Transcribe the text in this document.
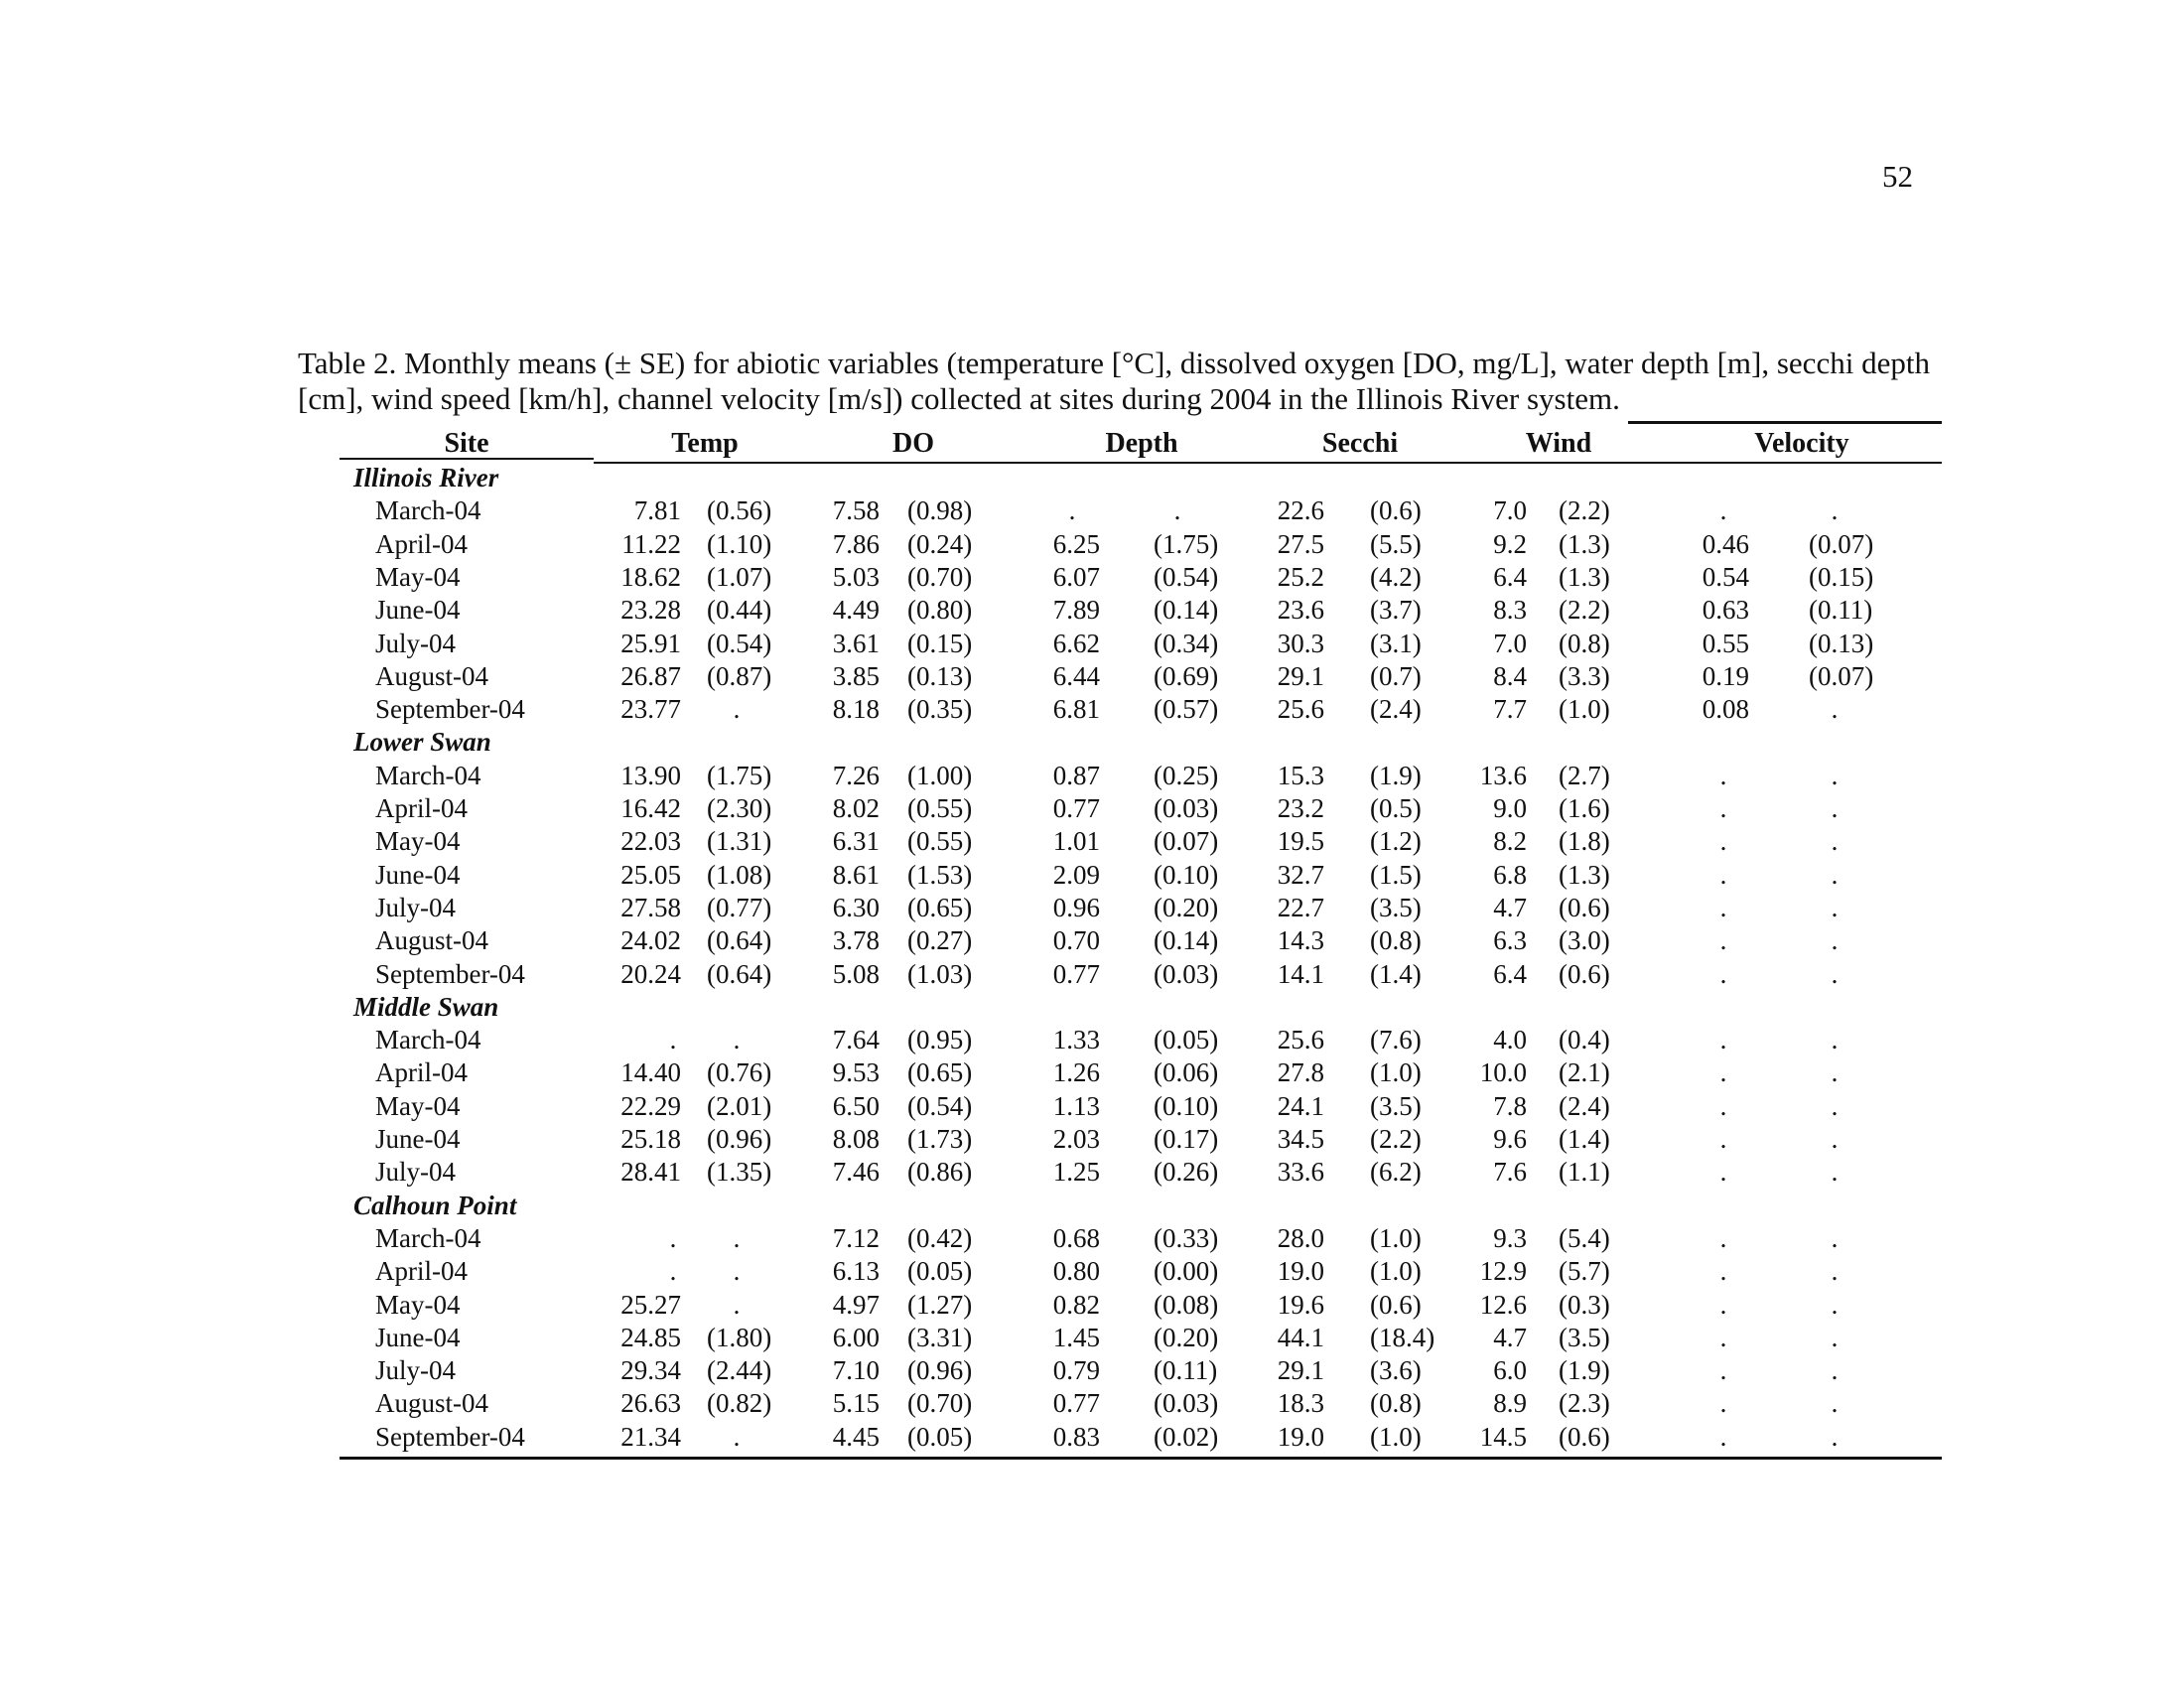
52
Table 2. Monthly means (± SE) for abiotic variables (temperature [°C], dissolved oxygen [DO, mg/L], water depth [m], secchi depth [cm], wind speed [km/h], channel velocity [m/s]) collected at sites during 2004 in the Illinois River system.
Site	Temp	DO	Depth	Secchi	Wind	Velocity
Illinois River
March-04	7.81 (0.56)	7.58 (0.98)	.	.	22.6 (0.6)	7.0 (2.2)	.	.
April-04	11.22 (1.10)	7.86 (0.24)	6.25 (1.75)	27.5 (5.5)	9.2 (1.3)	0.46 (0.07)
May-04	18.62 (1.07)	5.03 (0.70)	6.07 (0.54)	25.2 (4.2)	6.4 (1.3)	0.54 (0.15)
June-04	23.28 (0.44)	4.49 (0.80)	7.89 (0.14)	23.6 (3.7)	8.3 (2.2)	0.63 (0.11)
July-04	25.91 (0.54)	3.61 (0.15)	6.62 (0.34)	30.3 (3.1)	7.0 (0.8)	0.55 (0.13)
August-04	26.87 (0.87)	3.85 (0.13)	6.44 (0.69)	29.1 (0.7)	8.4 (3.3)	0.19 (0.07)
September-04	23.77 .	8.18 (0.35)	6.81 (0.57)	25.6 (2.4)	7.7 (1.0)	0.08	.
Lower Swan
March-04	13.90 (1.75)	7.26 (1.00)	0.87 (0.25)	15.3 (1.9)	13.6 (2.7)	.	.
April-04	16.42 (2.30)	8.02 (0.55)	0.77 (0.03)	23.2 (0.5)	9.0 (1.6)	.	.
May-04	22.03 (1.31)	6.31 (0.55)	1.01 (0.07)	19.5 (1.2)	8.2 (1.8)	.	.
June-04	25.05 (1.08)	8.61 (1.53)	2.09 (0.10)	32.7 (1.5)	6.8 (1.3)	.	.
July-04	27.58 (0.77)	6.30 (0.65)	0.96 (0.20)	22.7 (3.5)	4.7 (0.6)	.	.
August-04	24.02 (0.64)	3.78 (0.27)	0.70 (0.14)	14.3 (0.8)	6.3 (3.0)	.	.
September-04	20.24 (0.64)	5.08 (1.03)	0.77 (0.03)	14.1 (1.4)	6.4 (0.6)	.	.
Middle Swan
March-04	. .	7.64 (0.95)	1.33 (0.05)	25.6 (7.6)	4.0 (0.4)	.	.
April-04	14.40 (0.76)	9.53 (0.65)	1.26 (0.06)	27.8 (1.0)	10.0 (2.1)	.	.
May-04	22.29 (2.01)	6.50 (0.54)	1.13 (0.10)	24.1 (3.5)	7.8 (2.4)	.	.
June-04	25.18 (0.96)	8.08 (1.73)	2.03 (0.17)	34.5 (2.2)	9.6 (1.4)	.	.
July-04	28.41 (1.35)	7.46 (0.86)	1.25 (0.26)	33.6 (6.2)	7.6 (1.1)	.	.
Calhoun Point
March-04	. .	7.12 (0.42)	0.68 (0.33)	28.0 (1.0)	9.3 (5.4)	.	.
April-04	. .	6.13 (0.05)	0.80 (0.00)	19.0 (1.0)	12.9 (5.7)	.	.
May-04	25.27 .	4.97 (1.27)	0.82 (0.08)	19.6 (0.6)	12.6 (0.3)	.	.
June-04	24.85 (1.80)	6.00 (3.31)	1.45 (0.20)	44.1 (18.4)	4.7 (3.5)	.	.
July-04	29.34 (2.44)	7.10 (0.96)	0.79 (0.11)	29.1 (3.6)	6.0 (1.9)	.	.
August-04	26.63 (0.82)	5.15 (0.70)	0.77 (0.03)	18.3 (0.8)	8.9 (2.3)	.	.
September-04	21.34 .	4.45 (0.05)	0.83 (0.02)	19.0 (1.0)	14.5 (0.6)	.	.
